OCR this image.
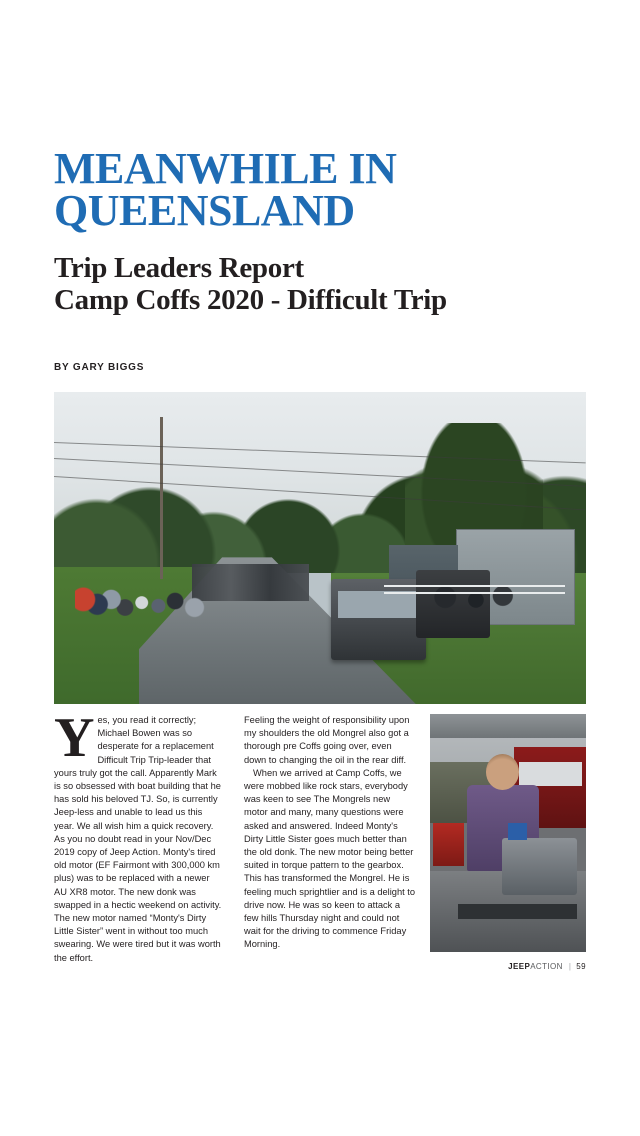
MEANWHILE IN QUEENSLAND
Trip Leaders Report
Camp Coffs 2020 - Difficult Trip
BY GARY BIGGS
Y es, you read it correctly; Michael Bowen was so desperate for a replacement Difficult Trip Trip-leader that yours truly got the call. Apparently Mark is so obsessed with boat building that he has sold his beloved TJ. So, is currently Jeep-less and unable to lead us this year. We all wish him a quick recovery.

As you no doubt read in your Nov/Dec 2019 copy of Jeep Action. Monty's tired old motor (EF Fairmont with 300,000 km plus) was to be replaced with a newer AU XR8 motor. The new donk was swapped in a hectic weekend on activity. The new motor named “Monty's Dirty Little Sister” went in without too much swearing. We were tired but it was worth the effort.

Feeling the weight of responsibility upon my shoulders the old Mongrel also got a thorough pre Coffs going over, even down to changing the oil in the rear diff.

When we arrived at Camp Coffs, we were mobbed like rock stars, everybody was keen to see The Mongrels new motor and many, many questions were asked and answered. Indeed Monty's Dirty Little Sister goes much better than the old donk. The new motor being better suited in torque pattern to the gearbox. This has transformed the Mongrel. He is feeling much sprightlier and is a delight to drive now. He was so keen to attack a few hills Thursday night and could not wait for the driving to commence Friday Morning.

JEEPACTION | 59
